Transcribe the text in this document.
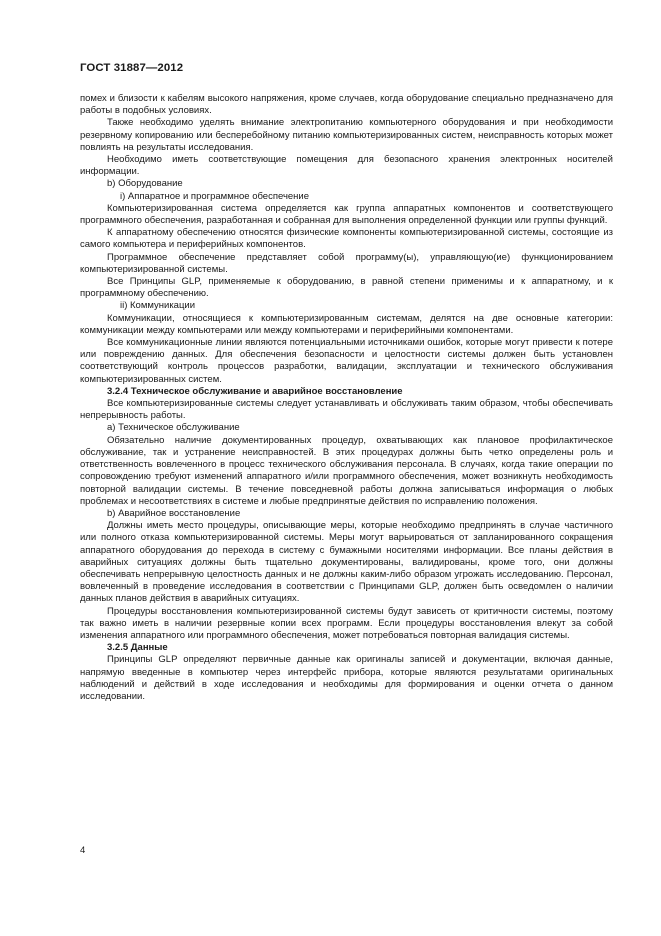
ГОСТ 31887—2012

помех и близости к кабелям высокого напряжения, кроме случаев, когда оборудование специально предназначено для работы в подобных условиях.

Также необходимо уделять внимание электропитанию компьютерного оборудования и при необходимости резервному копированию или бесперебойному питанию компьютеризированных систем, неисправность которых может повлиять на результаты исследования.

Необходимо иметь соответствующие помещения для безопасного хранения электронных носителей информации.

b) Оборудование

i) Аппаратное и программное обеспечение

Компьютеризированная система определяется как группа аппаратных компонентов и соответствующего программного обеспечения, разработанная и собранная для выполнения определенной функции или группы функций.

К аппаратному обеспечению относятся физические компоненты компьютеризированной системы, состоящие из самого компьютера и периферийных компонентов.

Программное обеспечение представляет собой программу(ы), управляющую(ие) функционированием компьютеризированной системы.

Все Принципы GLP, применяемые к оборудованию, в равной степени применимы и к аппаратному, и к программному обеспечению.

ii) Коммуникации

Коммуникации, относящиеся к компьютеризированным системам, делятся на две основные категории: коммуникации между компьютерами или между компьютерами и периферийными компонентами.

Все коммуникационные линии являются потенциальными источниками ошибок, которые могут привести к потере или повреждению данных. Для обеспечения безопасности и целостности системы должен быть установлен соответствующий контроль процессов разработки, валидации, эксплуатации и технического обслуживания компьютеризированных систем.

3.2.4 Техническое обслуживание и аварийное восстановление

Все компьютеризированные системы следует устанавливать и обслуживать таким образом, чтобы обеспечивать непрерывность работы.

a) Техническое обслуживание

Обязательно наличие документированных процедур, охватывающих как плановое профилактическое обслуживание, так и устранение неисправностей. В этих процедурах должны быть четко определены роль и ответственность вовлеченного в процесс технического обслуживания персонала. В случаях, когда такие операции по сопровождению требуют изменений аппаратного и/или программного обеспечения, может возникнуть необходимость повторной валидации системы. В течение повседневной работы должна записываться информация о любых проблемах и несоответствиях в системе и любые предпринятые действия по исправлению положения.

b) Аварийное восстановление

Должны иметь место процедуры, описывающие меры, которые необходимо предпринять в случае частичного или полного отказа компьютеризированной системы. Меры могут варьироваться от запланированного сокращения аппаратного оборудования до перехода в систему с бумажными носителями информации. Все планы действия в аварийных ситуациях должны быть тщательно документированы, валидированы, кроме того, они должны обеспечивать непрерывную целостность данных и не должны каким-либо образом угрожать исследованию. Персонал, вовлеченный в проведение исследования в соответствии с Принципами GLP, должен быть осведомлен о наличии данных планов действия в аварийных ситуациях.

Процедуры восстановления компьютеризированной системы будут зависеть от критичности системы, поэтому так важно иметь в наличии резервные копии всех программ. Если процедуры восстановления влекут за собой изменения аппаратного или программного обеспечения, может потребоваться повторная валидация системы.

3.2.5 Данные

Принципы GLP определяют первичные данные как оригиналы записей и документации, включая данные, напрямую введенные в компьютер через интерфейс прибора, которые являются результатами оригинальных наблюдений и действий в ходе исследования и необходимы для формирования и оценки отчета о данном исследовании.

4
